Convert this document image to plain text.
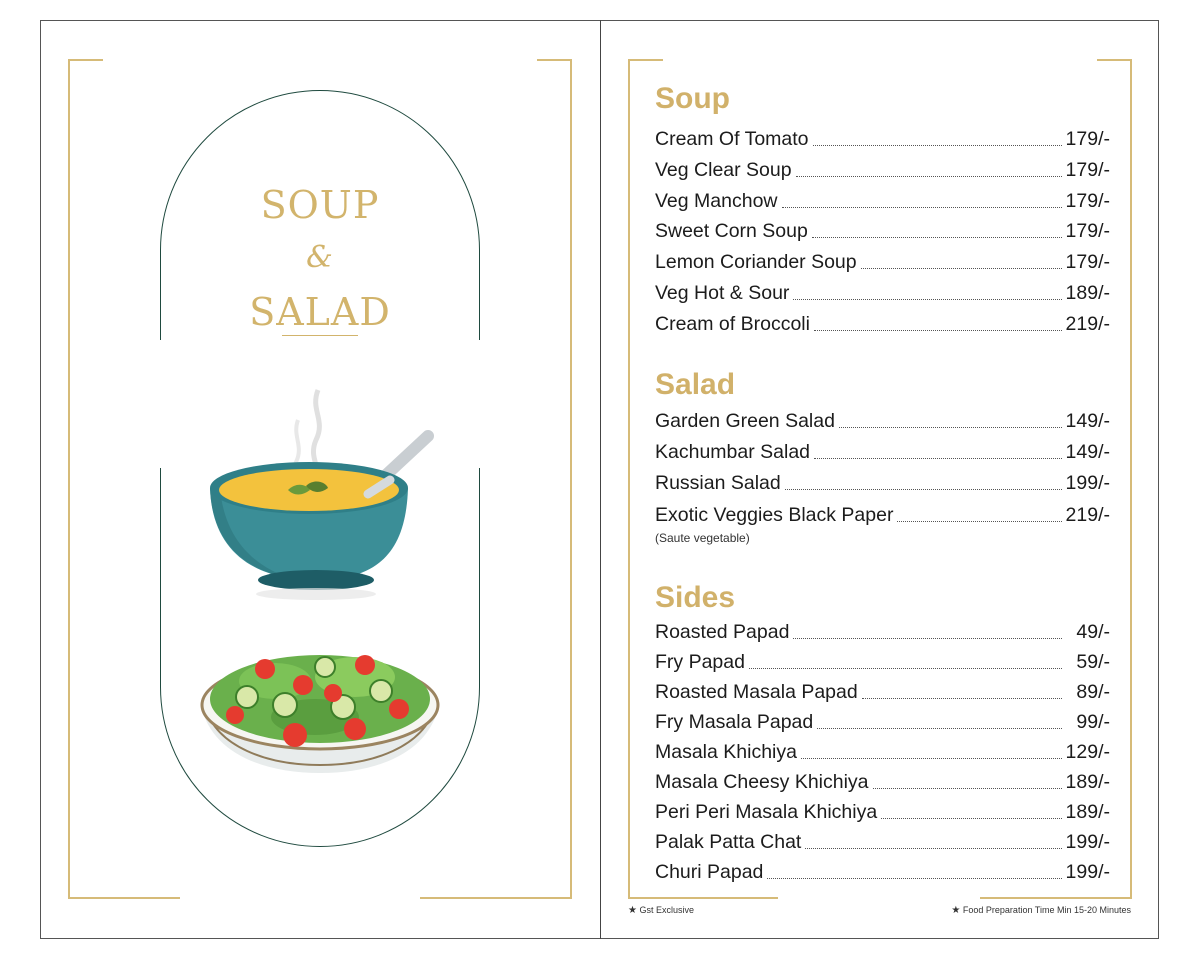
SOUP
&
SALAD
Soup
Cream Of Tomato	179/-
Veg Clear Soup	179/-
Veg Manchow	179/-
Sweet Corn Soup	179/-
Lemon Coriander Soup	179/-
Veg Hot & Sour	189/-
Cream of Broccoli	219/-
Salad
Garden Green Salad	149/-
Kachumbar Salad	149/-
Russian Salad	199/-
Exotic Veggies Black Paper	219/-
(Saute vegetable)
Sides
Roasted Papad	49/-
Fry Papad	59/-
Roasted Masala Papad	89/-
Fry Masala Papad	99/-
Masala Khichiya	129/-
Masala Cheesy Khichiya	189/-
Peri Peri Masala Khichiya	189/-
Palak Patta Chat	199/-
Churi Papad	199/-
★ Gst Exclusive	★ Food Preparation Time Min 15-20 Minutes
